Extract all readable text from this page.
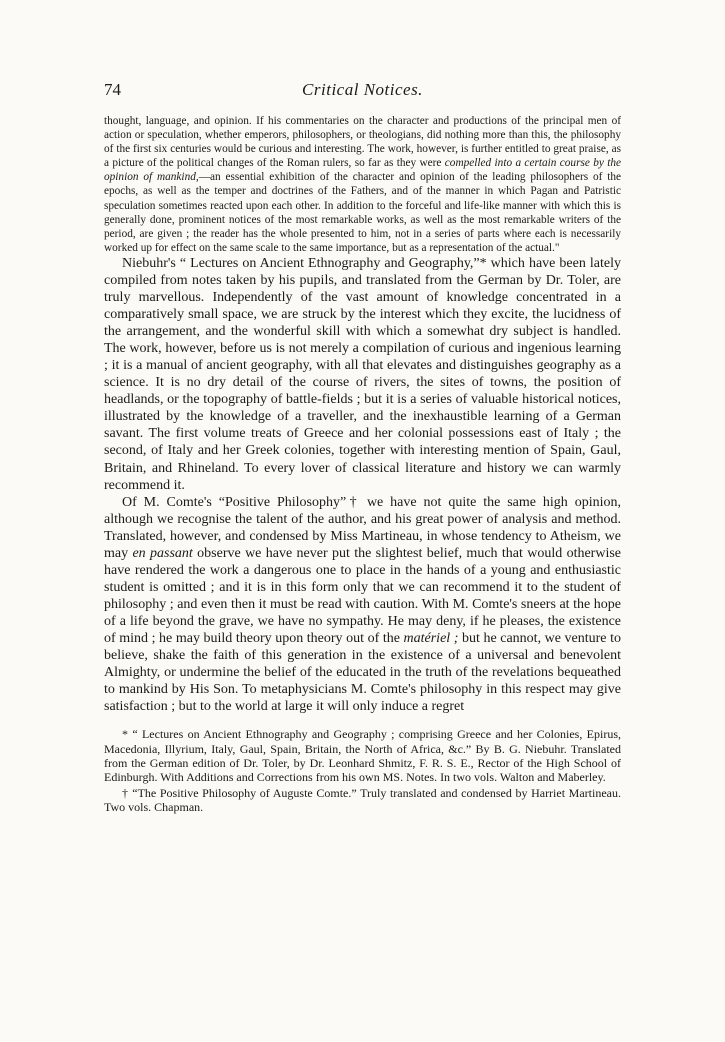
74	Critical Notices.

thought, language, and opinion. If his commentaries on the character and productions of the principal men of action or speculation, whether emperors, philosophers, or theologians, did nothing more than this, the philosophy of the first six centuries would be curious and interesting. The work, however, is further entitled to great praise, as a picture of the political changes of the Roman rulers, so far as they were compelled into a certain course by the opinion of mankind,—an essential exhibition of the character and opinion of the leading philosophers of the epochs, as well as the temper and doctrines of the Fathers, and of the manner in which Pagan and Patristic speculation sometimes reacted upon each other. In addition to the forceful and life-like manner with which this is generally done, prominent notices of the most remarkable works, as well as the most remarkable writers of the period, are given ; the reader has the whole presented to him, not in a series of parts where each is necessarily worked up for effect on the same scale to the same importance, but as a representation of the actual."

Niebuhr's “ Lectures on Ancient Ethnography and Geography,”* which have been lately compiled from notes taken by his pupils, and translated from the German by Dr. Toler, are truly marvellous. Independently of the vast amount of knowledge concentrated in a comparatively small space, we are struck by the interest which they excite, the lucidness of the arrangement, and the wonderful skill with which a somewhat dry subject is handled. The work, however, before us is not merely a compilation of curious and ingenious learning ; it is a manual of ancient geography, with all that elevates and distinguishes geography as a science. It is no dry detail of the course of rivers, the sites of towns, the position of headlands, or the topography of battle-fields ; but it is a series of valuable historical notices, illustrated by the knowledge of a traveller, and the inexhaustible learning of a German savant. The first volume treats of Greece and her colonial possessions east of Italy ; the second, of Italy and her Greek colonies, together with interesting mention of Spain, Gaul, Britain, and Rhineland. To every lover of classical literature and history we can warmly recommend it.

Of M. Comte's “Positive Philosophy”† we have not quite the same high opinion, although we recognise the talent of the author, and his great power of analysis and method. Translated, however, and condensed by Miss Martineau, in whose tendency to Atheism, we may en passant observe we have never put the slightest belief, much that would otherwise have rendered the work a dangerous one to place in the hands of a young and enthusiastic student is omitted ; and it is in this form only that we can recommend it to the student of philosophy ; and even then it must be read with caution. With M. Comte's sneers at the hope of a life beyond the grave, we have no sympathy. He may deny, if he pleases, the existence of mind ; he may build theory upon theory out of the matériel ; but he cannot, we venture to believe, shake the faith of this generation in the existence of a universal and benevolent Almighty, or undermine the belief of the educated in the truth of the revelations bequeathed to mankind by His Son. To metaphysicians M. Comte's philosophy in this respect may give satisfaction ; but to the world at large it will only induce a regret

* “ Lectures on Ancient Ethnography and Geography ; comprising Greece and her Colonies, Epirus, Macedonia, Illyrium, Italy, Gaul, Spain, Britain, the North of Africa, &c.” By B. G. Niebuhr. Translated from the German edition of Dr. Toler, by Dr. Leonhard Shmitz, F. R. S. E., Rector of the High School of Edinburgh. With Additions and Corrections from his own MS. Notes. In two vols. Walton and Maberley.

† “The Positive Philosophy of Auguste Comte.” Truly translated and condensed by Harriet Martineau. Two vols. Chapman.
